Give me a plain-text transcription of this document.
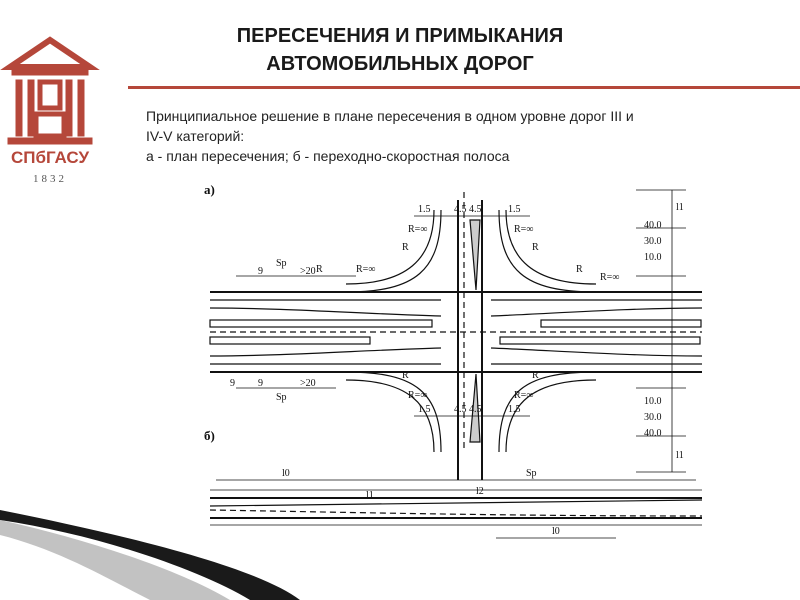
СПбГАСУ
1832
ПЕРЕСЕЧЕНИЯ И ПРИМЫКАНИЯ
АВТОМОБИЛЬНЫХ ДОРОГ
Принципиальное решение в плане пересечения в одном уровне дорог III и
IV-V категорий:
а - план пересечения; б - переходно-скоростная полоса
а)
б)
1.5 4.5 4.5	1.5
1.5 4.5 4.5	1.5
R=∞	R=∞
R=∞	R=∞
R	R
R	R
R	R
R=∞
R=∞
Sp
9	>20
9 9	>20
Sp
l1
10.0
30.0
40.0
10.0
30.0
40.0
l1
l0	Sp
l2
l1
l0
